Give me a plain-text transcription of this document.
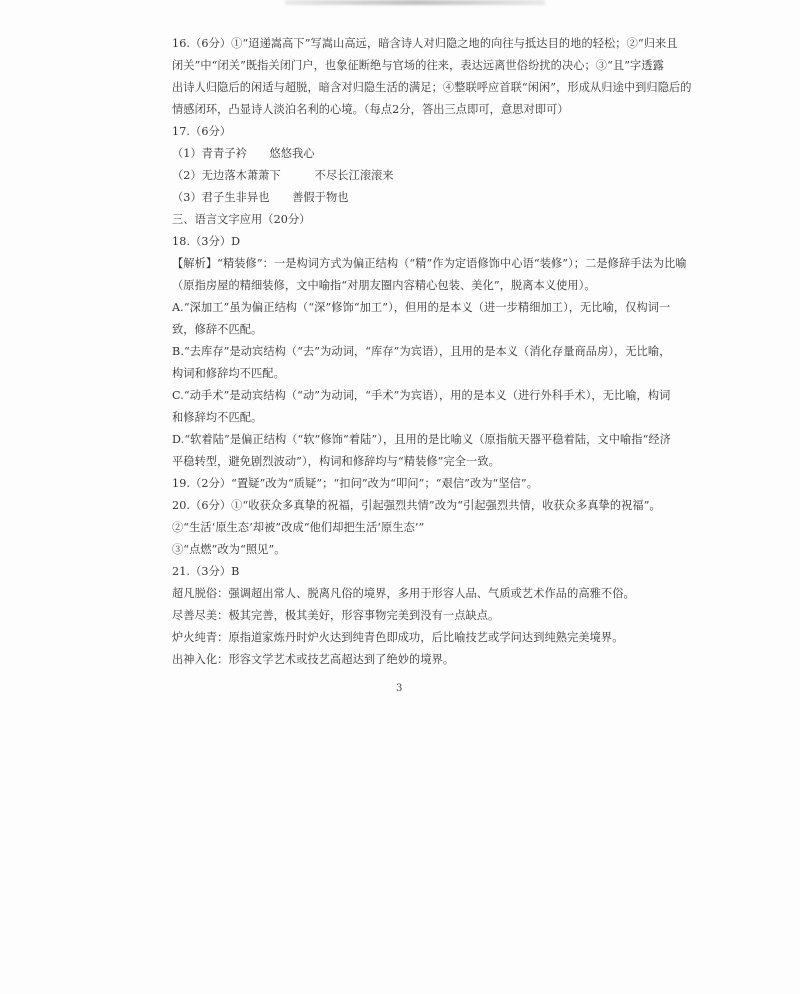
16.（6分）①“迢递嵩高下”写嵩山高远，暗含诗人对归隐之地的向往与抵达目的地的轻松；②“归来且
闭关”中“闭关”既指关闭门户，也象征断绝与官场的往来，表达远离世俗纷扰的决心；③“且”字透露
出诗人归隐后的闲适与超脱，暗含对归隐生活的满足；④整联呼应首联“闲闲”，形成从归途中到归隐后的
情感闭环，凸显诗人淡泊名利的心境。（每点2分，答出三点即可，意思对即可）
17.（6分）
（1）青青子衿　　悠悠我心
（2）无边落木萧萧下　　　不尽长江滚滚来
（3）君子生非异也　　善假于物也
三、语言文字应用（20分）
18.（3分）D
【解析】“精装修”：一是构词方式为偏正结构（“精”作为定语修饰中心语“装修”）；二是修辞手法为比喻
（原指房屋的精细装修，文中喻指“对朋友圈内容精心包装、美化”，脱离本义使用）。
A.“深加工”虽为偏正结构（“深”修饰“加工”），但用的是本义（进一步精细加工），无比喻，仅构词一
致，修辞不匹配。
B.“去库存”是动宾结构（“去”为动词，“库存”为宾语），且用的是本义（消化存量商品房），无比喻，
构词和修辞均不匹配。
C.“动手术”是动宾结构（“动”为动词，“手术”为宾语），用的是本义（进行外科手术），无比喻，构词
和修辞均不匹配。
D.“软着陆”是偏正结构（“软”修饰“着陆”），且用的是比喻义（原指航天器平稳着陆，文中喻指“经济
平稳转型，避免剧烈波动”），构词和修辞均与“精装修”完全一致。
19.（2分）“置疑”改为“质疑”；“扣问”改为“叩问”；“艰信”改为“坚信”。
20.（6分）①“收获众多真挚的祝福，引起强烈共情”改为“引起强烈共情，收获众多真挚的祝福”。
②“生活‘原生态’却被”改成“他们却把生活‘原生态’”
③“点燃”改为“照见”。
21.（3分）B
超凡脱俗：强调超出常人、脱离凡俗的境界，多用于形容人品、气质或艺术作品的高雅不俗。
尽善尽美：极其完善，极其美好，形容事物完美到没有一点缺点。
炉火纯青：原指道家炼丹时炉火达到纯青色即成功，后比喻技艺或学问达到纯熟完美境界。
出神入化：形容文学艺术或技艺高超达到了绝妙的境界。
3
